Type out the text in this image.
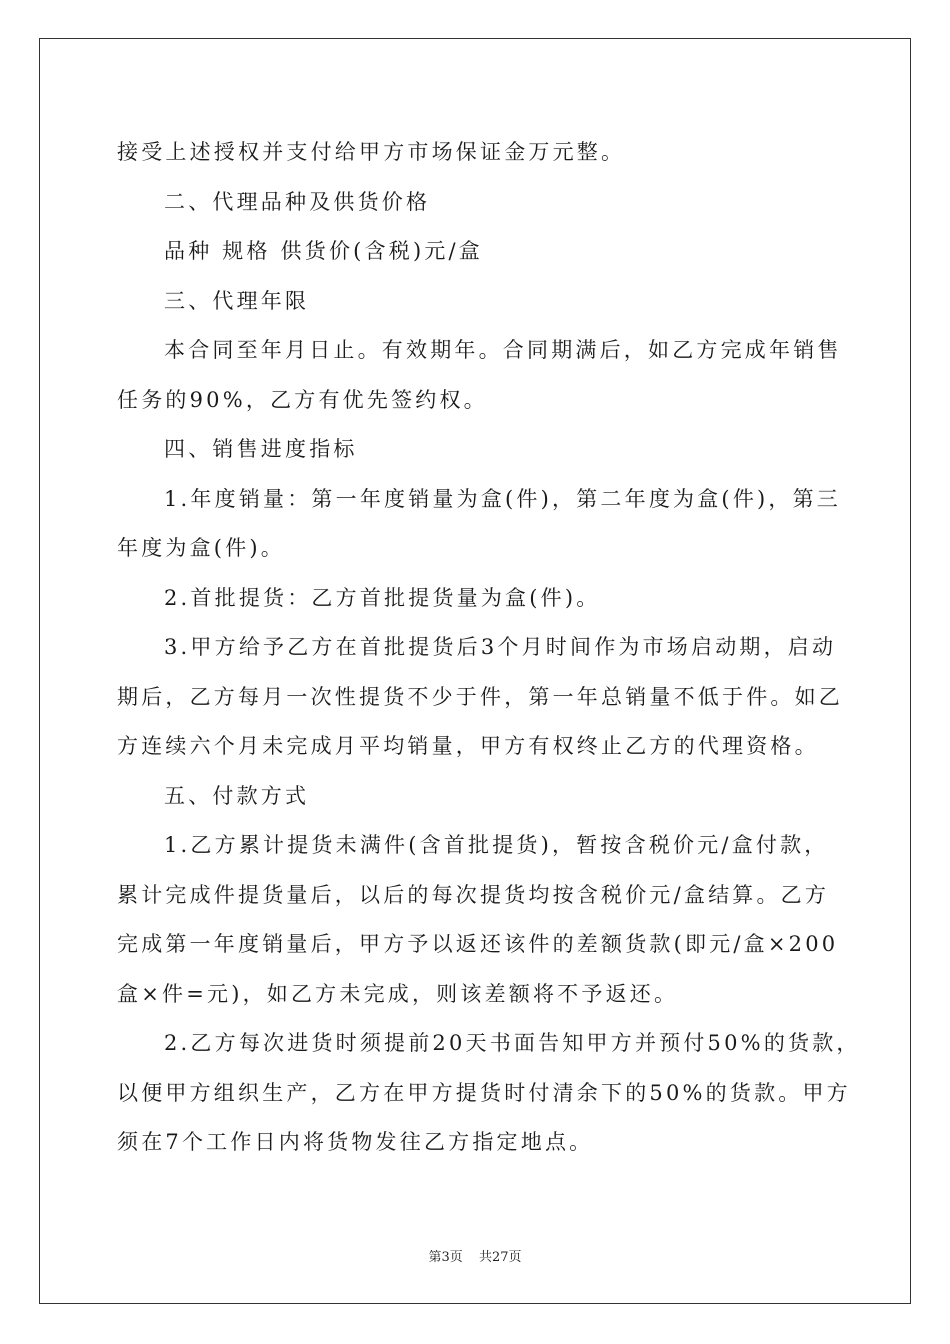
接受上述授权并支付给甲方市场保证金万元整。

二、代理品种及供货价格

品种 规格 供货价(含税)元/盒

三、代理年限

本合同至年月日止。有效期年。合同期满后，如乙方完成年销售
任务的90%，乙方有优先签约权。

四、销售进度指标

1.年度销量：第一年度销量为盒(件)，第二年度为盒(件)，第三
年度为盒(件)。

2.首批提货：乙方首批提货量为盒(件)。

3.甲方给予乙方在首批提货后3个月时间作为市场启动期，启动
期后，乙方每月一次性提货不少于件，第一年总销量不低于件。如乙
方连续六个月未完成月平均销量，甲方有权终止乙方的代理资格。

五、付款方式

1.乙方累计提货未满件(含首批提货)，暂按含税价元/盒付款，
累计完成件提货量后，以后的每次提货均按含税价元/盒结算。乙方
完成第一年度销量后，甲方予以返还该件的差额货款(即元/盒×200
盒×件=元)，如乙方未完成，则该差额将不予返还。

2.乙方每次进货时须提前20天书面告知甲方并预付50%的货款，
以便甲方组织生产，乙方在甲方提货时付清余下的50%的货款。甲方
须在7个工作日内将货物发往乙方指定地点。

第3页 共27页
